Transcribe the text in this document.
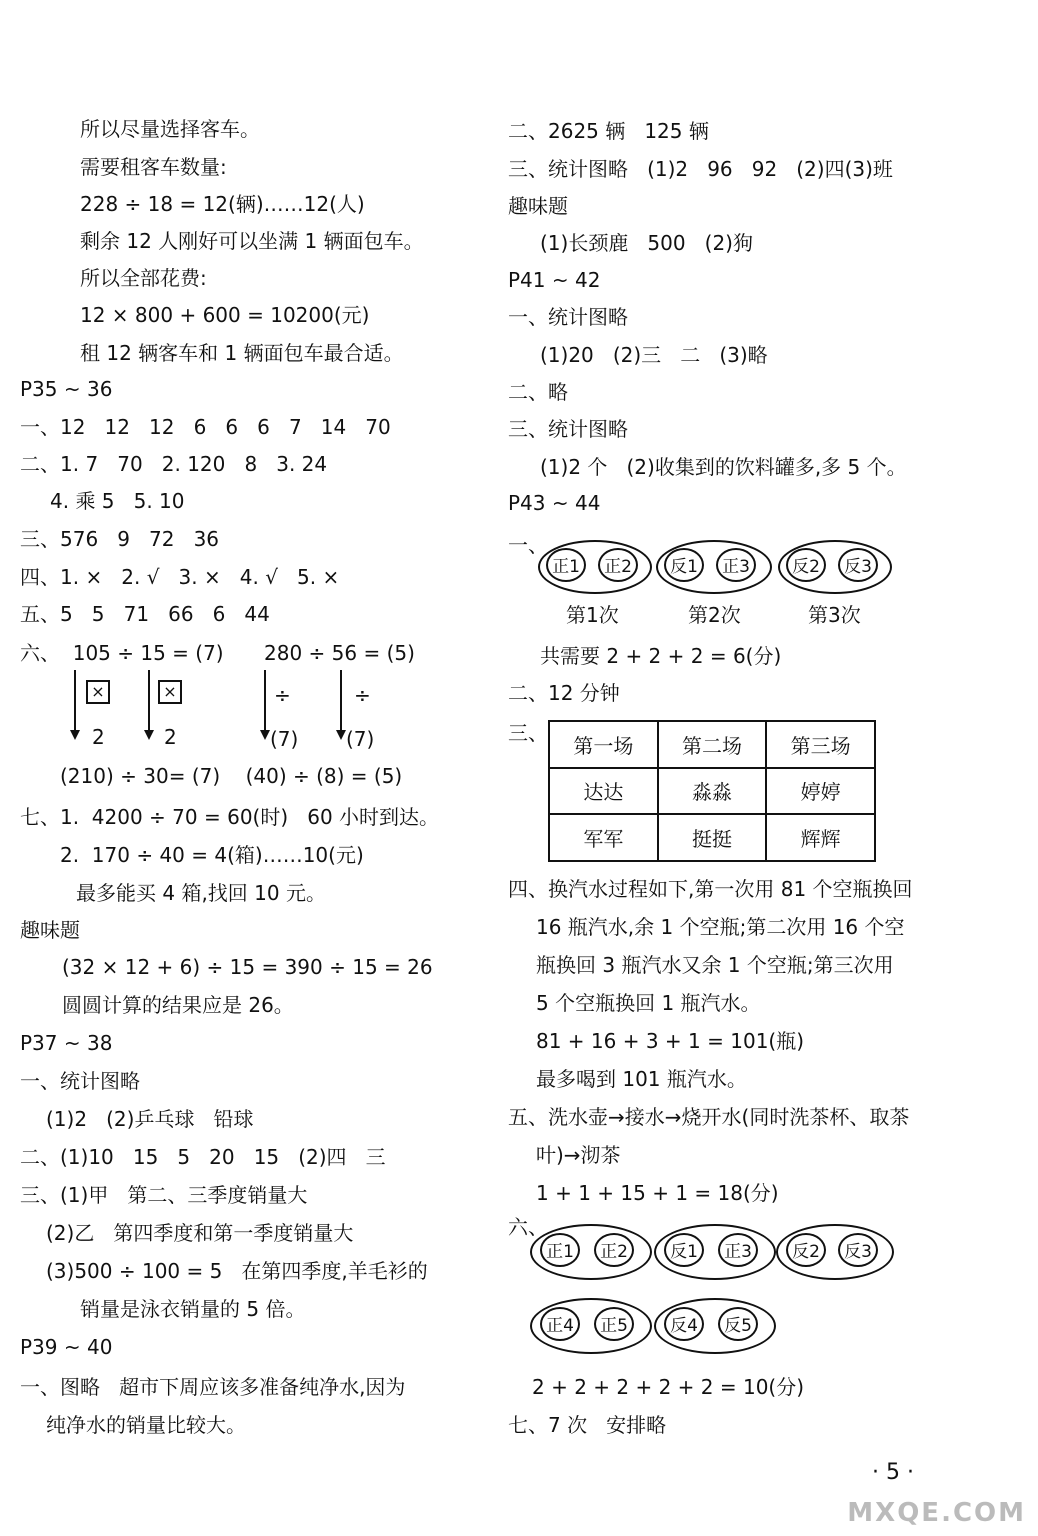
所以尽量选择客车。
需要租客车数量:
228 ÷ 18 = 12(辆)……12(人)
剩余 12 人刚好可以坐满 1 辆面包车。
所以全部花费:
12 × 800 + 600 = 10200(元)
租 12 辆客车和 1 辆面包车最合适。
P35 ~ 36
一、12   12   12   6   6   6   7   14   70
二、1. 7   70   2. 120   8   3. 24
4. 乘 5   5. 10
三、576   9   72   36
四、1. ×   2. √   3. ×   4. √   5. ×
五、5   5   71   66   6   44
六、  105 ÷ 15 = (7) 280 ÷ 56 = (5)
×
2
×
2
÷
(7)
÷
(7)
(210) ÷ 30= (7)    (40) ÷ (8) = (5)
七、1.  4200 ÷ 70 = 60(时)   60 小时到达。
2.  170 ÷ 40 = 4(箱)……10(元)
最多能买 4 箱,找回 10 元。
趣味题
(32 × 12 + 6) ÷ 15 = 390 ÷ 15 = 26
圆圆计算的结果应是 26。
P37 ~ 38
一、统计图略
(1)2   (2)乒乓球   铅球
二、(1)10   15   5   20   15   (2)四   三
三、(1)甲   第二、三季度销量大
(2)乙   第四季度和第一季度销量大
(3)500 ÷ 100 = 5   在第四季度,羊毛衫的
销量是泳衣销量的 5 倍。
P39 ~ 40
一、图略   超市下周应该多准备纯净水,因为
纯净水的销量比较大。
二、2625 辆   125 辆
三、统计图略   (1)2   96   92   (2)四(3)班
趣味题
(1)长颈鹿   500   (2)狗
P41 ~ 42
一、统计图略
(1)20   (2)三   二   (3)略
二、略
三、统计图略
(1)2 个   (2)收集到的饮料罐多,多 5 个。
P43 ~ 44
一、
正1	正2	反1	正3	反2	反3
第1次	第2次	第3次
共需要 2 + 2 + 2 = 6(分)
二、12 分钟
三、
第一场	第二场	第三场
达达	淼淼	婷婷
军军	挺挺	辉辉
四、换汽水过程如下,第一次用 81 个空瓶换回
16 瓶汽水,余 1 个空瓶;第二次用 16 个空
瓶换回 3 瓶汽水又余 1 个空瓶;第三次用
5 个空瓶换回 1 瓶汽水。
81 + 16 + 3 + 1 = 101(瓶)
最多喝到 101 瓶汽水。
五、洗水壶→接水→烧开水(同时洗茶杯、取茶
叶)→沏茶
1 + 1 + 15 + 1 = 18(分)
六、
正1	正2	反1	正3	反2	反3
正4	正5	反4	反5
2 + 2 + 2 + 2 + 2 = 10(分)
七、7 次   安排略
· 5 ·
MXQE.COM
